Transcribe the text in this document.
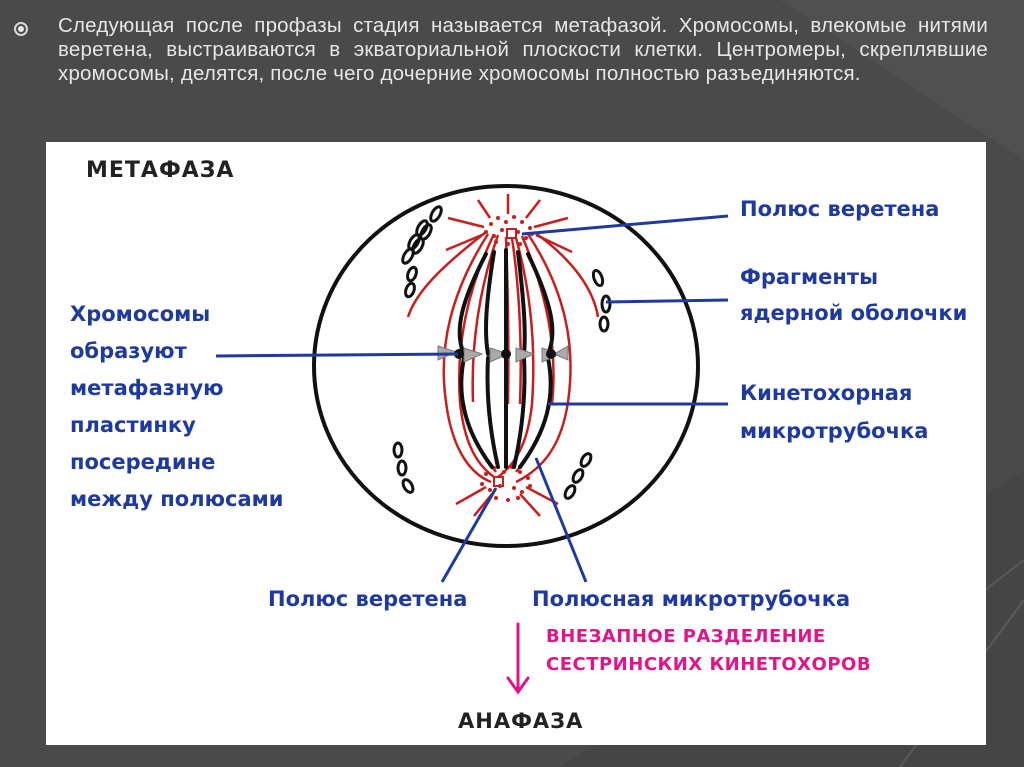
Следующая после профазы стадия называется метафазой. Хромосомы, влекомые нитями веретена, выстраиваются в экваториальной плоскости клетки. Центромеры, скреплявшие хромосомы, делятся, после чего дочерние хромосомы полностью разъединяются.
МЕТАФАЗА
Полюс веретена
Фрагменты
ядерной оболочки
Кинетохорная
микротрубочка
Хромосомы
образуют
метафазную
пластинку
посередине
между полюсами
Полюс веретена	Полюсная микротрубочка
ВНЕЗАПНОЕ РАЗДЕЛЕНИЕ
СЕСТРИНСКИХ КИНЕТОХОРОВ
АНАФАЗА
